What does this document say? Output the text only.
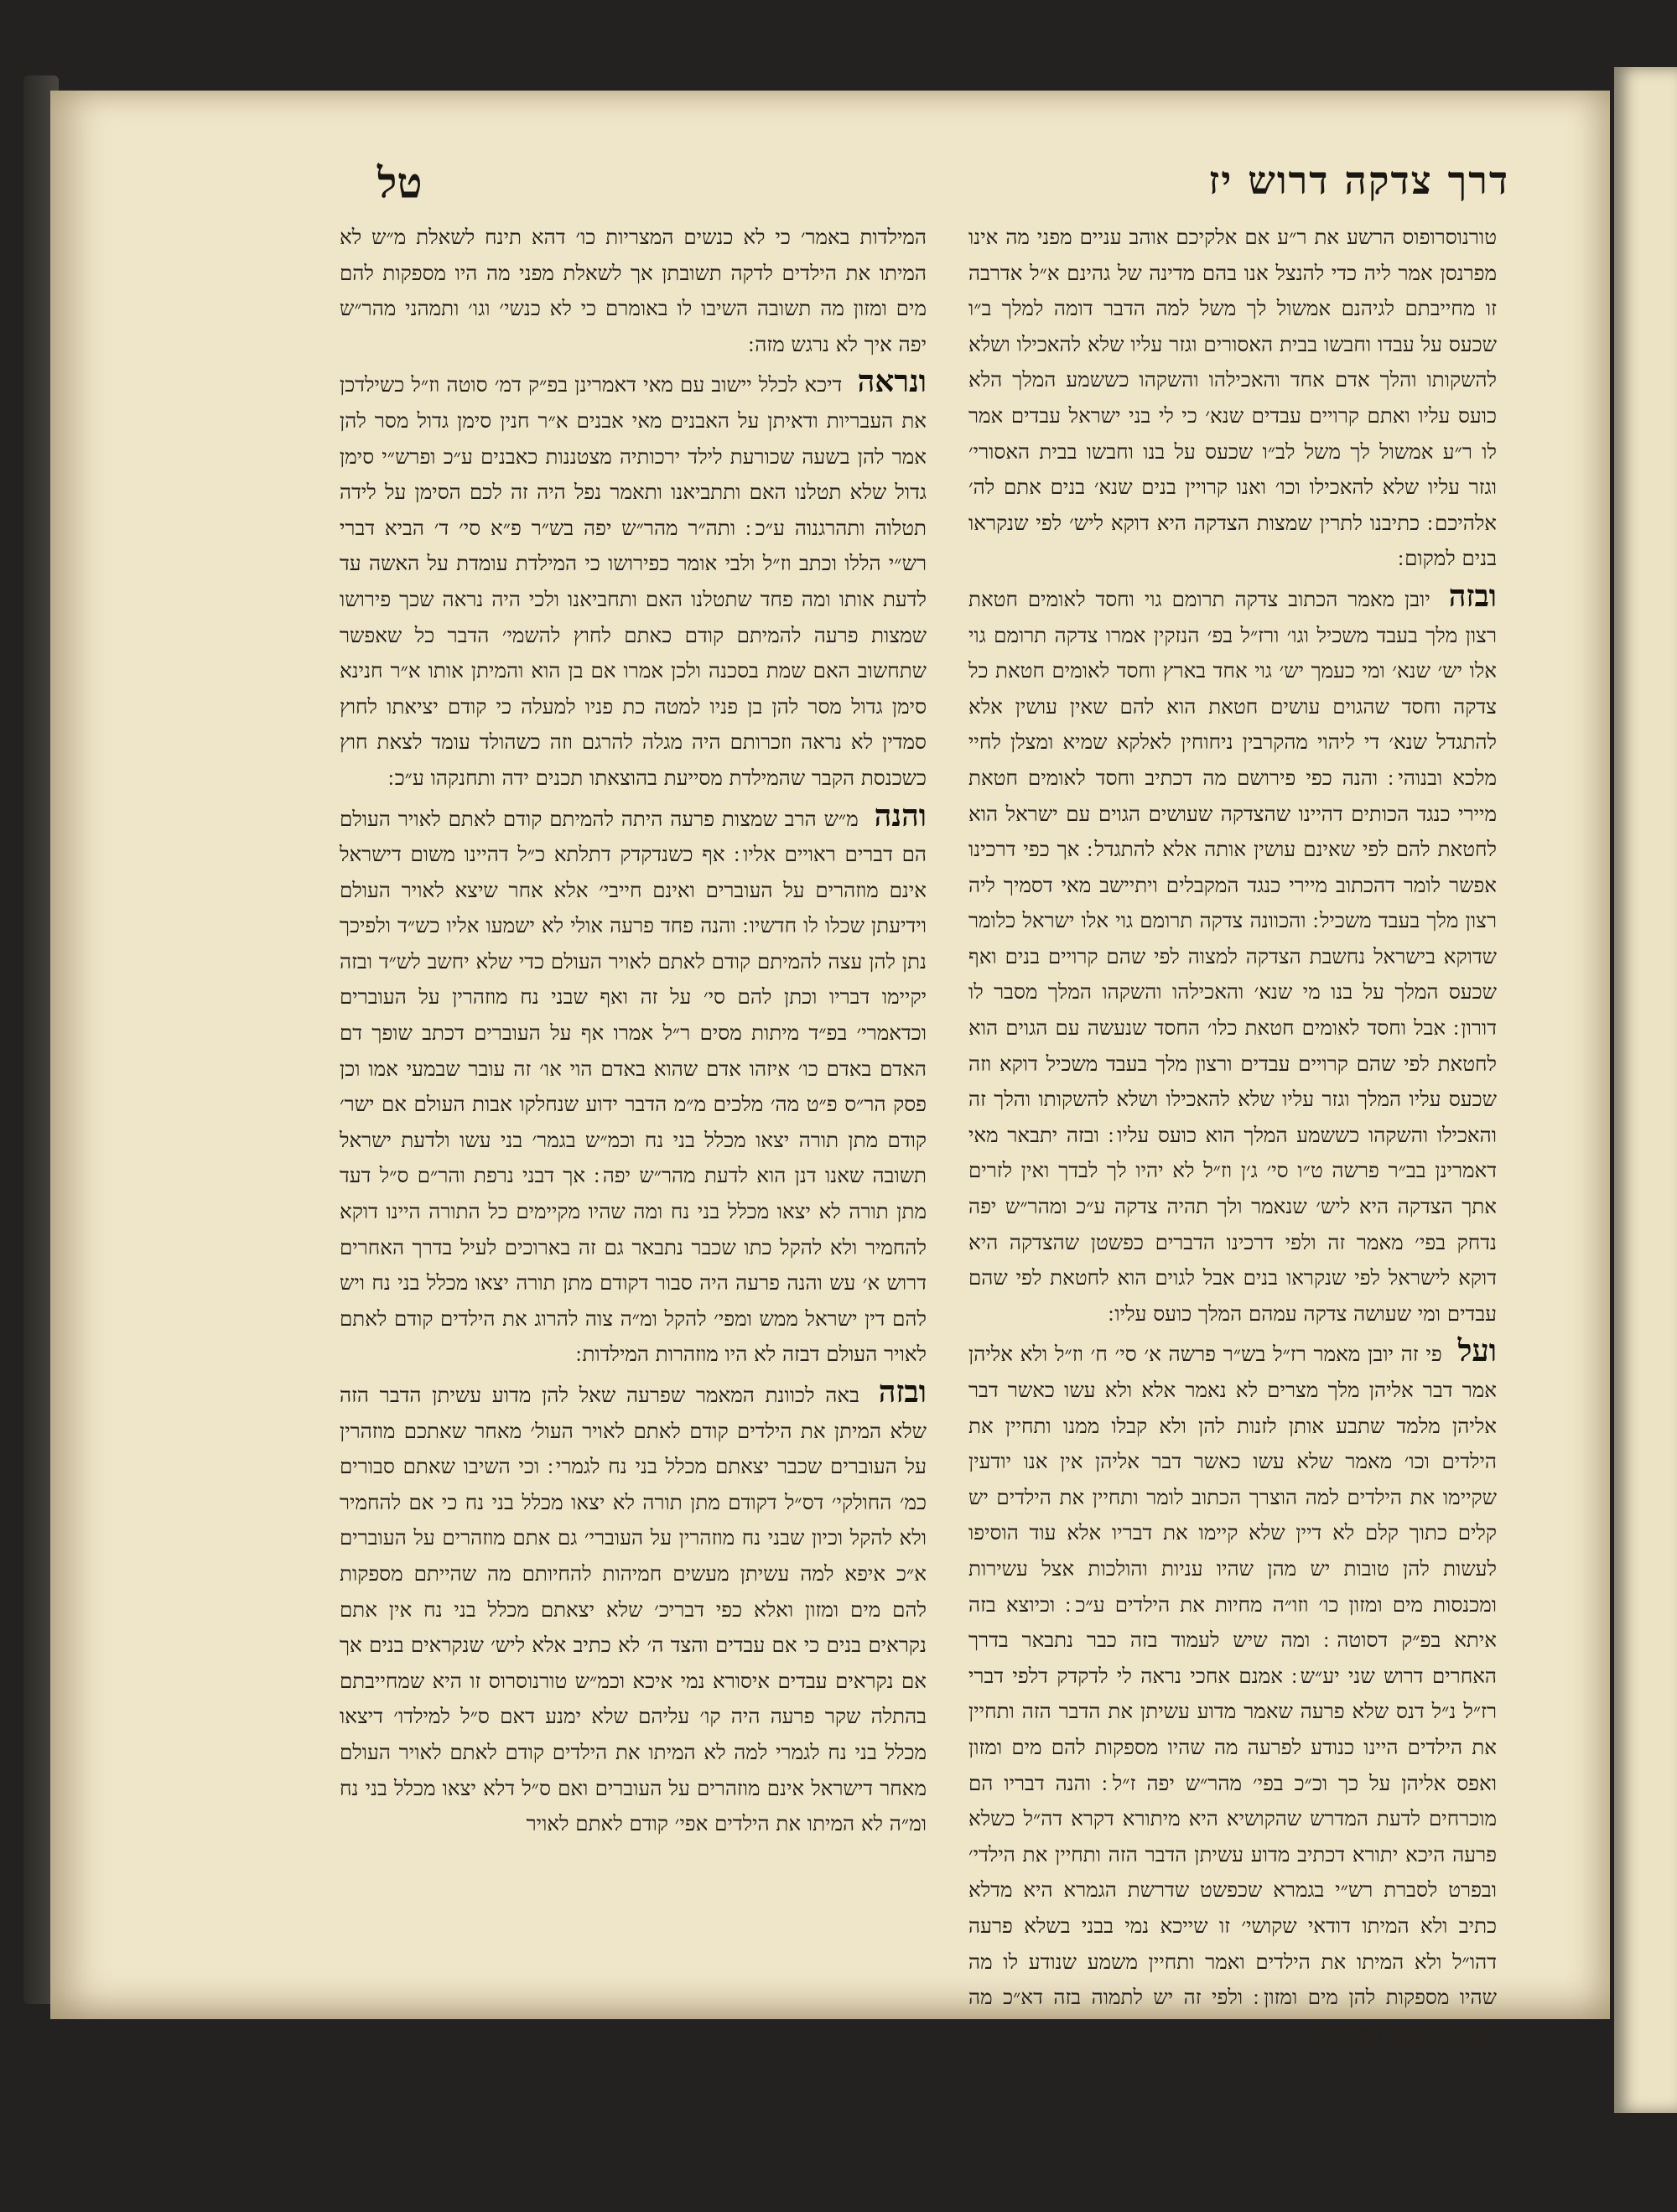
דרך צדקה דרוש יז
טל

טורנוסרופוס הרשע את ר״ע אם אלקיכם אוהב עניים מפני מה אינו מפרנסן אמר ליה כדי להנצל אנו בהם מדינה של גהינם א״ל אדרבה זו מחייבתם לגיהנם אמשול לך משל למה הדבר דומה למלך ב״ו שכעס על עבדו וחבשו בבית האסורים וגזר עליו שלא להאכילו ושלא להשקותו והלך אדם אחד והאכילהו והשקהו כששמע המלך הלא כועס עליו ואתם קרויים עבדים שנא׳ כי לי בני ישראל עבדים אמר לו ר״ע אמשול לך משל לב״ו שכעס על בנו וחבשו בבית האסורי׳ וגזר עליו שלא להאכילו וכו׳ ואנו קרויין בנים שנא׳ בנים אתם לה׳ אלהיכם ׃ כתיבנו לתרין שמצות הצדקה היא דוקא ליש׳ לפי שנקראו בנים למקום ׃

ובזה יובן מאמר הכתוב צדקה תרומם גוי וחסד לאומים חטאת רצון מלך בעבד משכיל וגו׳ ורז״ל בפ׳ הנזקין אמרו צדקה תרומם גוי אלו יש׳ שנא׳ ומי כעמך יש׳ גוי אחד בארץ וחסד לאומים חטאת כל צדקה וחסד שהגוים עושים חטאת הוא להם שאין עושין אלא להתגדל שנא׳ די ליהוי מהקרבין ניחוחין לאלקא שמיא ומצלן לחיי מלכא ובנוהי ׃ והנה כפי פירושם מה דכתיב וחסד לאומים חטאת מיירי כנגד הכותים דהיינו שהצדקה שעושים הגוים עם ישראל הוא לחטאת להם לפי שאינם עושין אותה אלא להתגדל ׃ אך כפי דרכינו אפשר לומר דהכתוב מיירי כנגד המקבלים ויתיישב מאי דסמיך ליה רצון מלך בעבד משכיל ׃ והכוונה צדקה תרומם גוי אלו ישראל כלומר שדוקא בישראל נחשבת הצדקה למצוה לפי שהם קרויים בנים ואף שכעס המלך על בנו מי שנא׳ והאכילהו והשקהו המלך מסבר לו דורון ׃ אבל וחסד לאומים חטאת כלו׳ החסד שנעשה עם הגוים הוא לחטאת לפי שהם קרויים עבדים ורצון מלך בעבד משכיל דוקא וזה שכעס עליו המלך וגזר עליו שלא להאכילו ושלא להשקותו והלך זה והאכילו והשקהו כששמע המלך הוא כועס עליו ׃ ובזה יתבאר מאי דאמרינן בב״ר פרשה ט״ו סי׳ ג׳ן וז״ל לא יהיו לך לבדך ואין לזרים אתך הצדקה היא ליש׳ שנאמר ולך תהיה צדקה ע״כ ומהר״ש יפה נדחק בפי׳ מאמר זה ולפי דרכינו הדברים כפשטן שהצדקה היא דוקא לישראל לפי שנקראו בנים אבל לגוים הוא לחטאת לפי שהם עבדים ומי שעושה צדקה עמהם המלך כועס עליו ׃

ועל פי זה יובן מאמר רז״ל בש״ר פרשה א׳ סי׳ ח׳ וז״ל ולא אליהן אמר דבר אליהן מלך מצרים לא נאמר אלא ולא עשו כאשר דבר אליהן מלמד שתבע אותן לזנות להן ולא קבלו ממנו ותחיין את הילדים וכו׳ מאמר שלא עשו כאשר דבר אליהן אין אנו יודעין שקיימו את הילדים למה הוצרך הכתוב לומר ותחיין את הילדים יש קלים כתוך קלם לא דיין שלא קיימו את דבריו אלא עוד הוסיפו לעשות להן טובות יש מהן שהיו עניות והולכות אצל עשירות ומכנסות מים ומזון כו׳ וזו״ה מחיות את הילדים ע״כ ׃ וכיוצא בזה איתא בפ״ק דסוטה ׃ ומה שיש לעמוד בזה כבר נתבאר בדרך האחרים דרוש שני יע״ש ׃ אמנם אחכי נראה לי לדקדק דלפי דברי רז״ל נ״ל דנס שלא פרעה שאמר מדוע עשיתן את הדבר הזה ותחיין את הילדים היינו כנודע לפרעה מה שהיו מספקות להם מים ומזון ואפס אליהן על כך וכ״כ בפי׳ מהר״ש יפה ז״ל ׃ והנה דבריו הם מוכרחים לדעת המדרש שהקושיא היא מיתורא דקרא דה״ל כשלא פרעה היכא יתורא דכתיב מדוע עשיתן הדבר הזה ותחיין את הילדי׳ ובפרט לסברת רש״י בגמרא שכפשט שדרשת הגמרא היא מדלא כתיב ולא המיתו דודאי שקושי׳ זו שייכא נמי בבני בשלא פרעה דהו״ל ולא המיתו את הילדים ואמר ותחיין משמע שנודע לו מה שהיו מספקות להן מים ומזון ׃ ולפי זה יש לתמוה בזה דא״כ מה תשובה השיבו המילדות

המילדות באמר׳ כי לא כנשים המצריות כו׳ דהא תינח לשאלת מ״ש לא המיתו את הילדים לדקה תשובתן אך לשאלת מפני מה היו מספקות להם מים ומזון מה תשובה השיבו לו באומרם כי לא כנשי׳ וגו׳ ותמהני מהר״ש יפה איך לא נרגש מזה ׃

ונראה דיכא לכלל יישוב עם מאי דאמרינן בפ״ק דמ׳ סוטה וז״ל כשילדכן את העבריות ודאיתן על האבנים מאי אבנים א״ר חנין סימן גדול מסר להן אמר להן בשעה שכורעת לילד ירכותיה מצטננות כאבנים ע״כ ופרש״י סימן גדול שלא תטלנו האם ותתביאנו ותאמר נפל היה זה לכם הסימן על לידה תטלוה ותהרגנוה ע״כ ׃ ותה״ר מהר״ש יפה בש״ר פ״א סי׳ ד׳ הביא דברי רש״י הללו וכתב וז״ל ולבי אומר כפירושו כי המילדת עומדת על האשה עד לדעת אותו ומה פחד שתטלנו האם ותחביאנו ולכי היה נראה שכך פירושו שמצות פרעה להמיתם קודם כאתם לחוץ להשמי׳ הדבר כל שאפשר שתחשוב האם שמת בסכנה ולכן אמרו אם בן הוא והמיתן אותו א״ר חנינא סימן גדול מסר להן בן פניו למטה כת פניו למעלה כי קודם יציאתו לחוץ סמדין לא נראה וזכרותם היה מגלה להרגם וזה כשהולד עומד לצאת חוץ כשכנסת הקבר שהמילדת מסייעת בהוצאתו תכנים ידה ותחנקהו ע״כ ׃

והנה מ״ש הרב שמצות פרעה היתה להמיתם קודם לאתם לאויר העולם הם דברים ראויים אליו ׃ אף כשנדקדק דתלתא כ״ל דהיינו משום דישראל אינם מוזהרים על העוברים ואינם חייבי׳ אלא אחר שיצא לאויר העולם וידיעתן שכלו לו חדשיו ׃ והנה פחד פרעה אולי לא ישמעו אליו כש״ד ולפיכך נתן להן עצה להמיתם קודם לאתם לאויר העולם כדי שלא יחשב לש״ד ובזה יקיימו דבריו וכתן להם סי׳ על זה ואף שבני נח מוזהרין על העוברים וכדאמרי׳ בפ״ד מיתות מסים ר״ל אמרו אף על העוברים דכתב שופך דם האדם באדם כו׳ איזהו אדם שהוא באדם הוי או׳ זה עובר שבמעי אמו וכן פסק הר״ס פ״ט מה׳ מלכים מ״מ הדבר ידוע שנחלקו אבות העולם אם ישר׳ קודם מתן תורה יצאו מכלל בני נח וכמ״ש בגמר׳ בני עשו ולדעת ישראל תשובה שאנו דנן הוא לדעת מהר״ש יפה ׃ אך דבני נרפת והר״ם ס״ל דעד מתן תורה לא יצאו מכלל בני נח ומה שהיו מקיימים כל התורה היינו דוקא להחמיר ולא להקל כתו שכבר נתבאר גם זה בארוכים לעיל בדרך האחרים דרוש א׳ עש והנה פרעה היה סבור דקודם מתן תורה יצאו מכלל בני נח ויש להם דין ישראל ממש ומפי׳ להקל ומ״ה צוה להרוג את הילדים קודם לאתם לאויר העולם דבזה לא היו מוזהרות המילדות ׃

ובזה באה לכוונת המאמר שפרעה שאל להן מדוע עשיתן הדבר הזה שלא המיתן את הילדים קודם לאתם לאויר העול׳ מאחר שאתכם מוזהרין על העוברים שכבר יצאתם מכלל בני נח לגמרי ׃ וכי השיבו שאתם סבורים כמ׳ החולקי׳ דס״ל דקודם מתן תורה לא יצאו מכלל בני נח כי אם להחמיר ולא להקל וכיון שבני נח מוזהרין על העוברי׳ גם אתם מוזהרים על העוברים א״כ איפא למה עשיתן מעשים חמיהות להחיותם מה שהייתם מספקות להם מים ומזון ואלא כפי דבריכ׳ שלא יצאתם מכלל בני נח אין אתם נקראים בנים כי אם עבדים והצד ה׳ לא כתיב אלא ליש׳ שנקראים בנים אך אם נקראים עבדים איסורא נמי איכא וכמ״ש טורנוסרוס זו היא שמחייבתם בהתלה שקר פרעה היה קו׳ עליהם שלא ימנע דאם ס״ל למילדו׳ דיצאו מכלל בני נח לגמרי למה לא המיתו את הילדים קודם לאתם לאויר העולם מאחר דישראל אינם מוזהרים על העוברים ואם ס״ל דלא יצאו מכלל בני נח ומ״ה לא המיתו את הילדים אפי׳ קודם לאתם לאויר
